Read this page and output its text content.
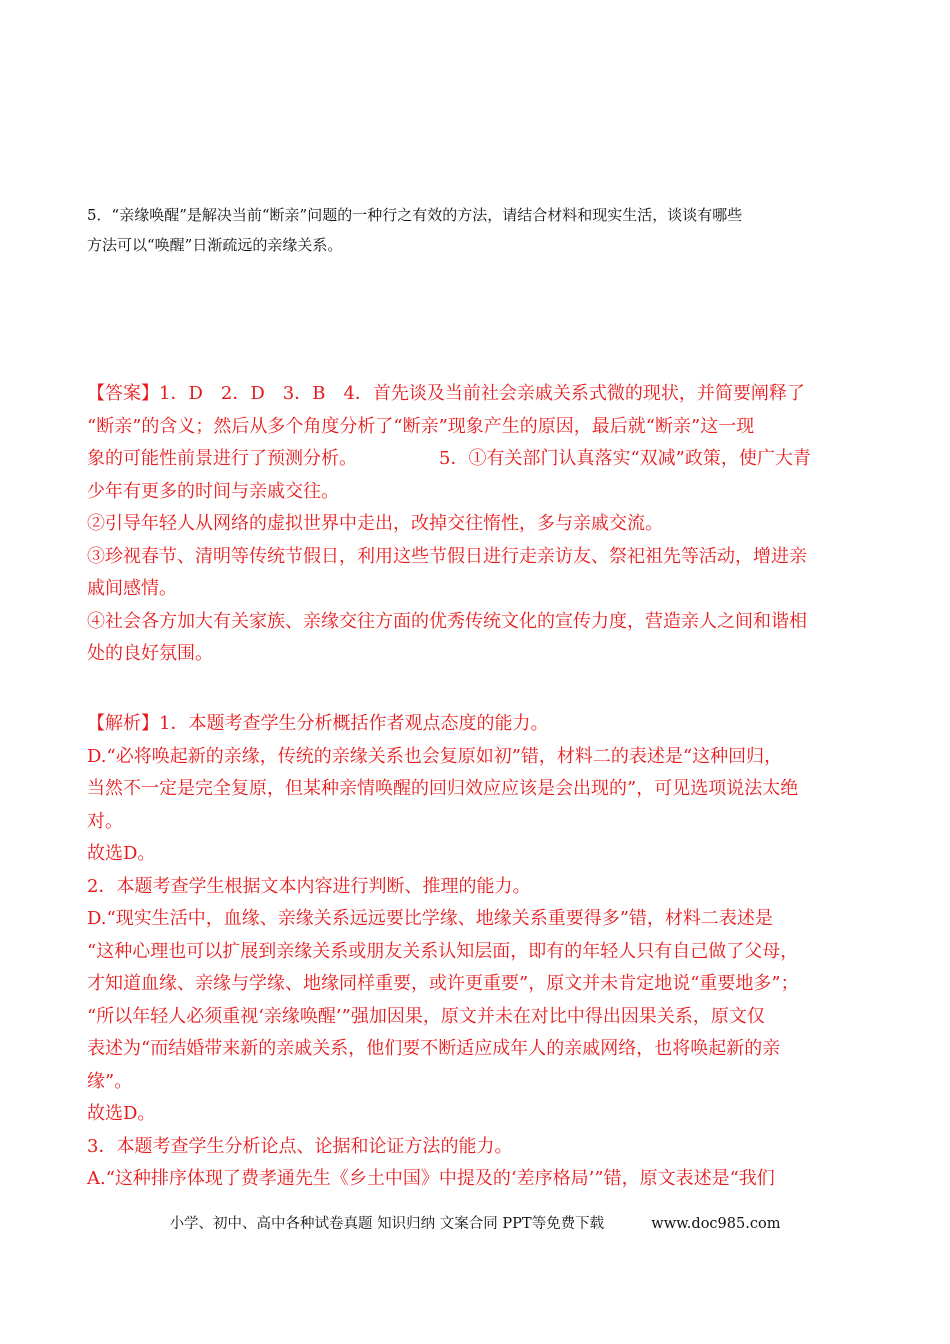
5．“亲缘唤醒”是解决当前“断亲”问题的一种行之有效的方法，请结合材料和现实生活，谈谈有哪些

方法可以“唤醒”日渐疏远的亲缘关系。

【答案】1．D　2．D　3．B　4．首先谈及当前社会亲戚关系式微的现状，并简要阐释了

“断亲”的含义；然后从多个角度分析了“断亲”现象产生的原因，最后就“断亲”这一现

象的可能性前景进行了预测分析。	5．①有关部门认真落实“双减”政策，使广大青

少年有更多的时间与亲戚交往。

②引导年轻人从网络的虚拟世界中走出，改掉交往惰性，多与亲戚交流。

③珍视春节、清明等传统节假日，利用这些节假日进行走亲访友、祭祀祖先等活动，增进亲

戚间感情。

④社会各方加大有关家族、亲缘交往方面的优秀传统文化的宣传力度，营造亲人之间和谐相

处的良好氛围。

【解析】1．本题考查学生分析概括作者观点态度的能力。

D.“必将唤起新的亲缘，传统的亲缘关系也会复原如初”错，材料二的表述是“这种回归，

当然不一定是完全复原，但某种亲情唤醒的回归效应应该是会出现的”，可见选项说法太绝

对。

故选D。

2．本题考查学生根据文本内容进行判断、推理的能力。

D.“现实生活中，血缘、亲缘关系远远要比学缘、地缘关系重要得多”错，材料二表述是

“这种心理也可以扩展到亲缘关系或朋友关系认知层面，即有的年轻人只有自己做了父母，

才知道血缘、亲缘与学缘、地缘同样重要，或许更重要”，原文并未肯定地说“重要地多”；

“所以年轻人必须重视‘亲缘唤醒’”强加因果，原文并未在对比中得出因果关系，原文仅

表述为“而结婚带来新的亲戚关系，他们要不断适应成年人的亲戚网络，也将唤起新的亲

缘”。

故选D。

3．本题考查学生分析论点、论据和论证方法的能力。

A.“这种排序体现了费孝通先生《乡土中国》中提及的‘差序格局’”错，原文表述是“我们

小学、初中、高中各种试卷真题 知识归纳 文案合同 PPT等免费下载	www.doc985.com
